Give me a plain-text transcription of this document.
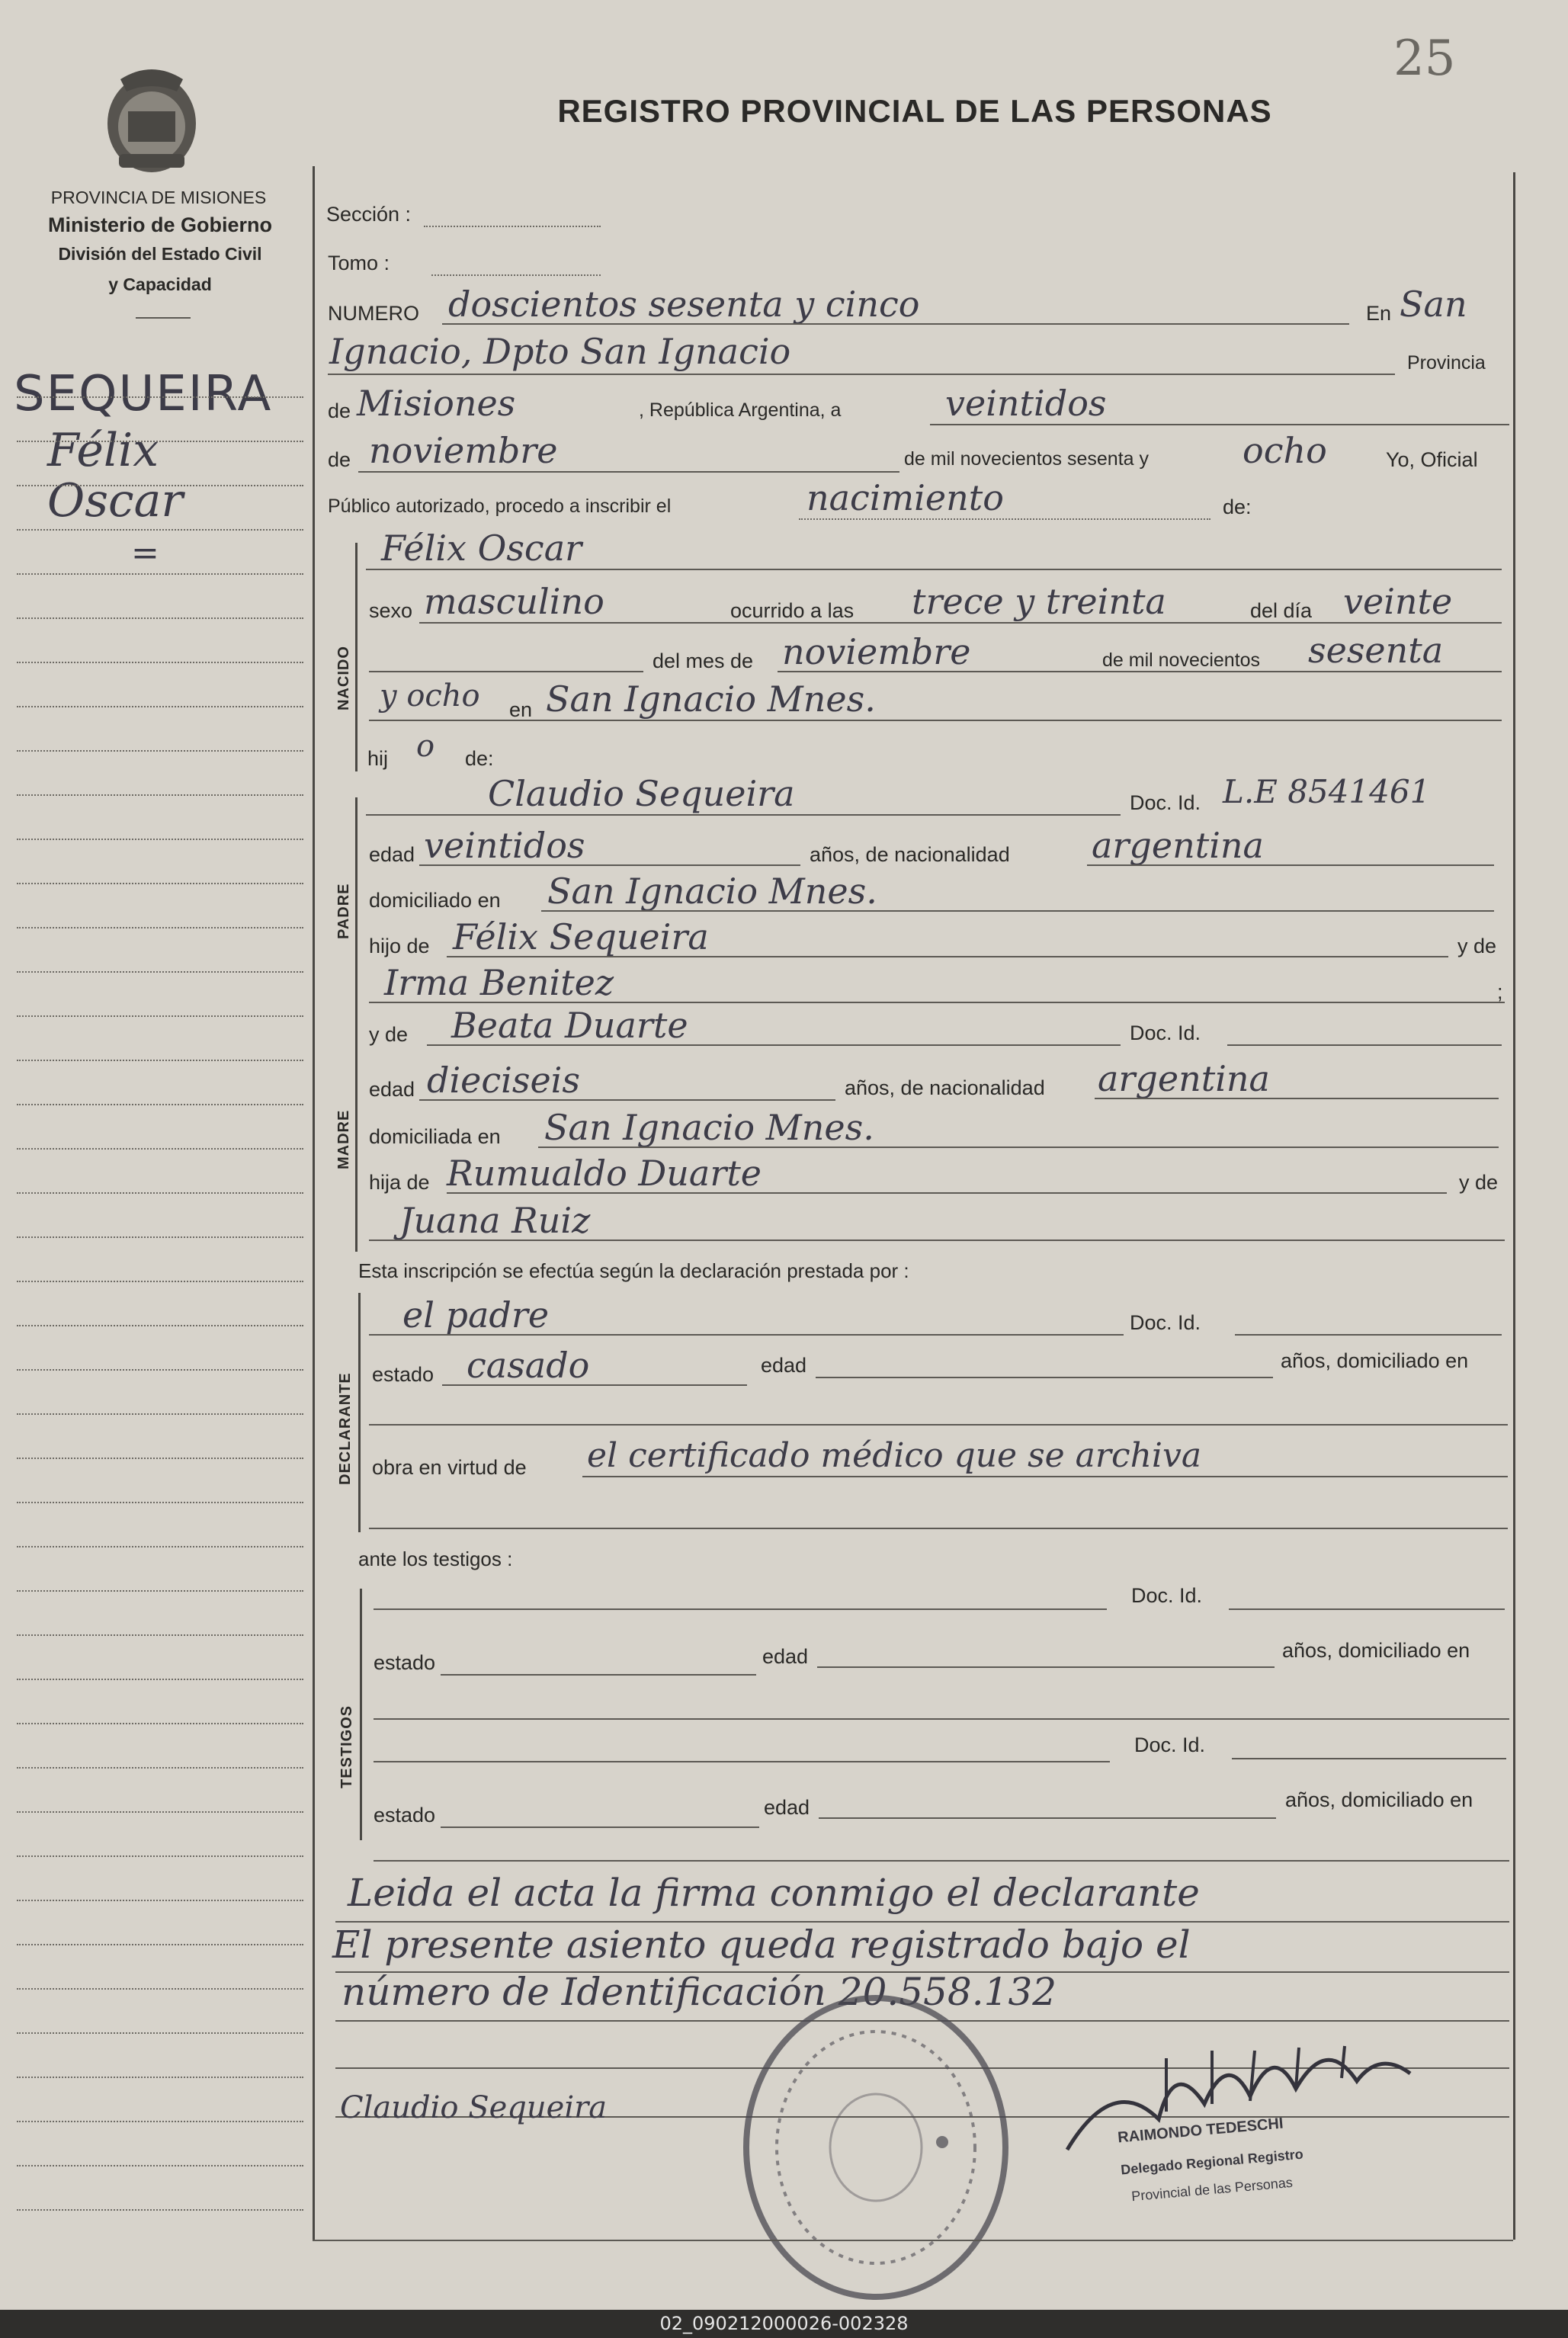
25
PROVINCIA DE MISIONES
Ministerio de Gobierno
División del Estado Civil
y Capacidad
REGISTRO PROVINCIAL DE LAS PERSONAS
SEQUEIRA
Félix
Oscar
=
Sección :
Tomo :
NUMERO doscientos sesenta y cinco	En San
Ignacio, Dpto San Ignacio	Provincia
de Misiones	, República Argentina, a	veintidos
de noviembre	de mil novecientos sesenta y	ocho	Yo, Oficial
Público autorizado, procedo a inscribir el	nacimiento	de:
NACIDO
Félix Oscar
sexo masculino	ocurrido a las trece y treinta	del día veinte
del mes de noviembre	de mil novecientos sesenta
y ocho en San Ignacio Mnes.
hij o de:
PADRE
Claudio Sequeira	Doc. Id. L.E 8541461
edad veintidos	años, de nacionalidad argentina
domiciliado en San Ignacio Mnes.
hijo de Félix Sequeira	y de
Irma Benitez	;
MADRE
y de Beata Duarte	Doc. Id.
edad dieciseis	años, de nacionalidad argentina
domiciliada en San Ignacio Mnes.
hija de Rumualdo Duarte	y de
Juana Ruiz
Esta inscripción se efectúa según la declaración prestada por :
DECLARANTE
el padre	Doc. Id.
estado casado	edad	años, domiciliado en
obra en virtud de el certificado médico que se archiva
ante los testigos :
TESTIGOS
Doc. Id.
estado	edad	años, domiciliado en
Doc. Id.
estado	edad	años, domiciliado en
Leida el acta la firma conmigo el declarante
El presente asiento queda registrado bajo el
número de Identificación 20.558.132
Claudio Sequeira
RAIMONDO TEDESCHI
Delegado Regional Registro
Provincial de las Personas
02_090212000026-002328
